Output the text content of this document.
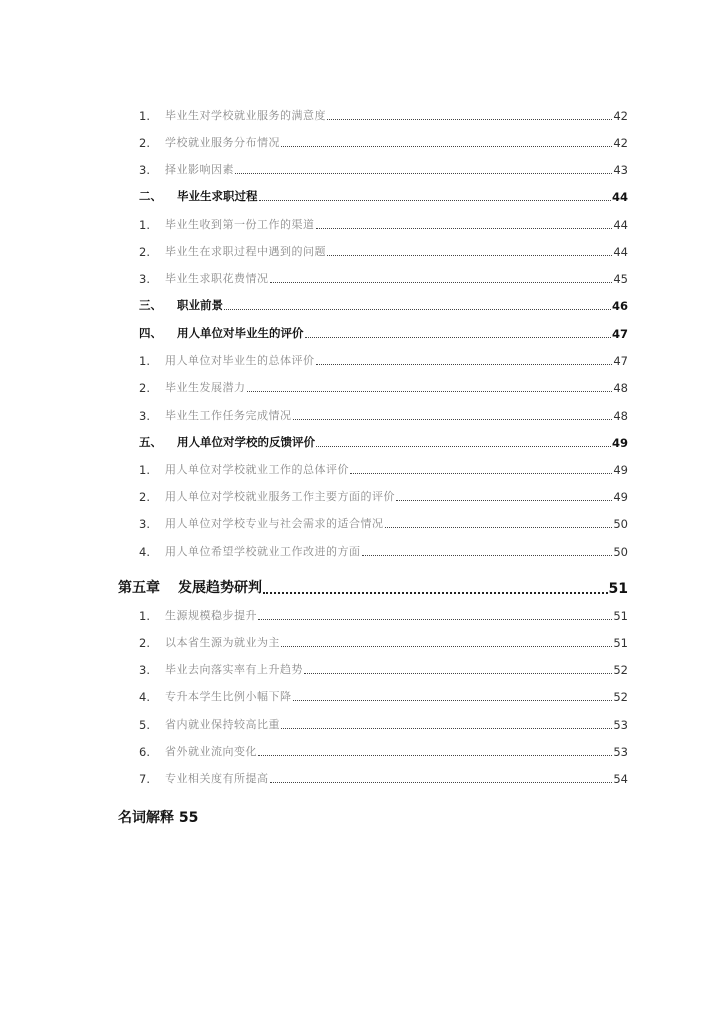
1.	毕业生对学校就业服务的满意度	42
2.	学校就业服务分布情况	42
3.	择业影响因素	43
二、	毕业生求职过程	44
1.	毕业生收到第一份工作的渠道	44
2.	毕业生在求职过程中遇到的问题	44
3.	毕业生求职花费情况	45
三、	职业前景	46
四、	用人单位对毕业生的评价	47
1.	用人单位对毕业生的总体评价	47
2.	毕业生发展潜力	48
3.	毕业生工作任务完成情况	48
五、	用人单位对学校的反馈评价	49
1.	用人单位对学校就业工作的总体评价	49
2.	用人单位对学校就业服务工作主要方面的评价	49
3.	用人单位对学校专业与社会需求的适合情况	50
4.	用人单位希望学校就业工作改进的方面	50
第五章	发展趋势研判	51
1.	生源规模稳步提升	51
2.	以本省生源为就业为主	51
3.	毕业去向落实率有上升趋势	52
4.	专升本学生比例小幅下降	52
5.	省内就业保持较高比重	53
6.	省外就业流向变化	53
7.	专业相关度有所提高	54
名词解释 55
